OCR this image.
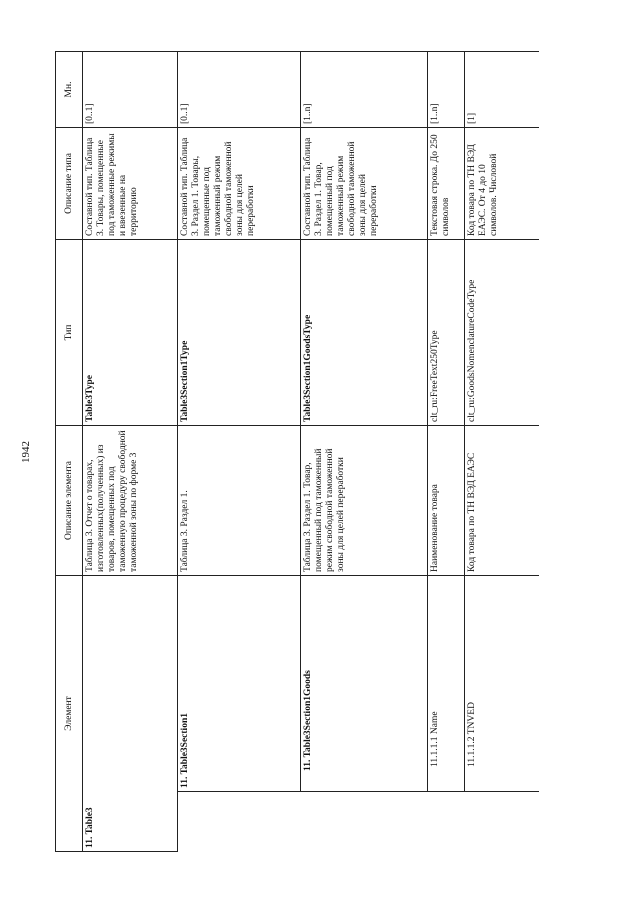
1942
Элемент		Описание элемента	Тип	Описание типа	Мн.
11. Table3		Таблица 3. Отчет о товарах, изготовленных(полученных) из товаров, помещенных под таможенную процедуру свободной таможенной зоны по форме 3	Table3Type	Составной тип. Таблица 3. Товары, помещенные под таможенные режимы и ввезенные на территорию	[0..1]
	11. Table3Section1	Таблица 3. Раздел 1.	Table3Section1Type	Составной тип. Таблица 3. Раздел 1. Товары, помещенные под таможенный режим свободной таможенной зоны для целей переработки	[0..1]
	11. Table3Section1Goods	Таблица 3. Раздел 1. Товар, помещенный под таможенный режим свободной таможенной зоны для целей переработки	Table3Section1GoodsType	Составной тип. Таблица 3. Раздел 1. Товар, помещенный под таможенный режим свободной таможенной зоны для целей переработки	[1..n]
	11.1.1.1 Name	Наименование товара	clt_ru:FreeText250Type	Текстовая строка. До 250 символов	[1..n]
	11.1.1.2 TNVED	Код товара по ТН ВЭД ЕАЭС	clt_ru:GoodsNomenclatureCodeType	Код товара по ТН ВЭД ЕАЭС. От 4 до 10 символов. Числовой	[1]
